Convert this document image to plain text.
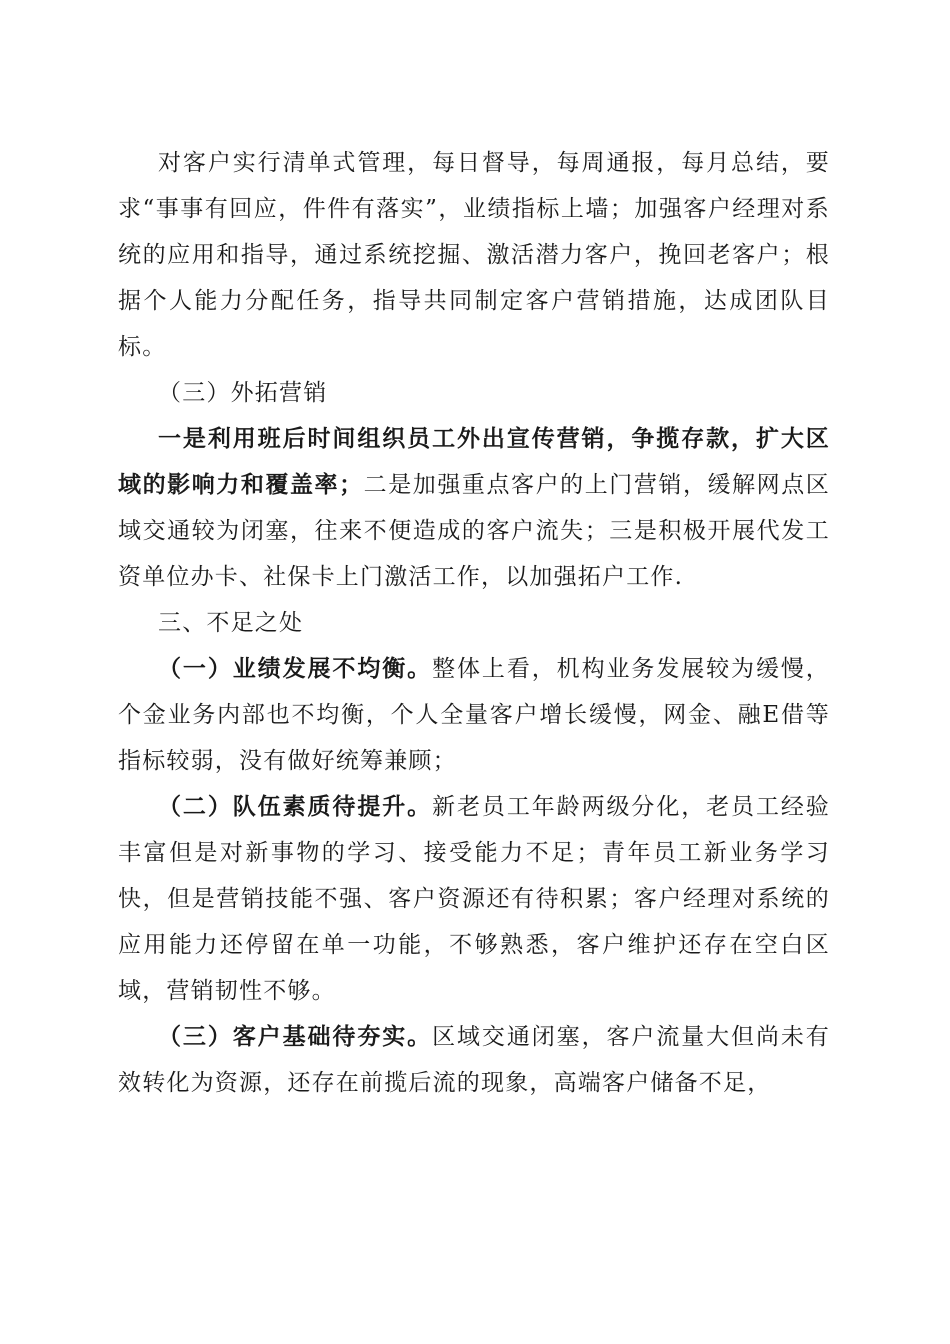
对客户实行清单式管理，每日督导，每周通报，每月总结，要求“事事有回应，件件有落实”，业绩指标上墙；加强客户经理对系统的应用和指导，通过系统挖掘、激活潜力客户，挽回老客户；根据个人能力分配任务，指导共同制定客户营销措施，达成团队目标。

（三）外拓营销

一是利用班后时间组织员工外出宣传营销，争揽存款，扩大区域的影响力和覆盖率；二是加强重点客户的上门营销，缓解网点区域交通较为闭塞，往来不便造成的客户流失；三是积极开展代发工资单位办卡、社保卡上门激活工作，以加强拓户工作.

三、不足之处

（一）业绩发展不均衡。整体上看，机构业务发展较为缓慢，个金业务内部也不均衡，个人全量客户增长缓慢，网金、融E借等指标较弱，没有做好统筹兼顾；

（二）队伍素质待提升。新老员工年龄两级分化，老员工经验丰富但是对新事物的学习、接受能力不足；青年员工新业务学习快，但是营销技能不强、客户资源还有待积累；客户经理对系统的应用能力还停留在单一功能，不够熟悉，客户维护还存在空白区域，营销韧性不够。

（三）客户基础待夯实。区域交通闭塞，客户流量大但尚未有效转化为资源，还存在前揽后流的现象，高端客户储备不足，
